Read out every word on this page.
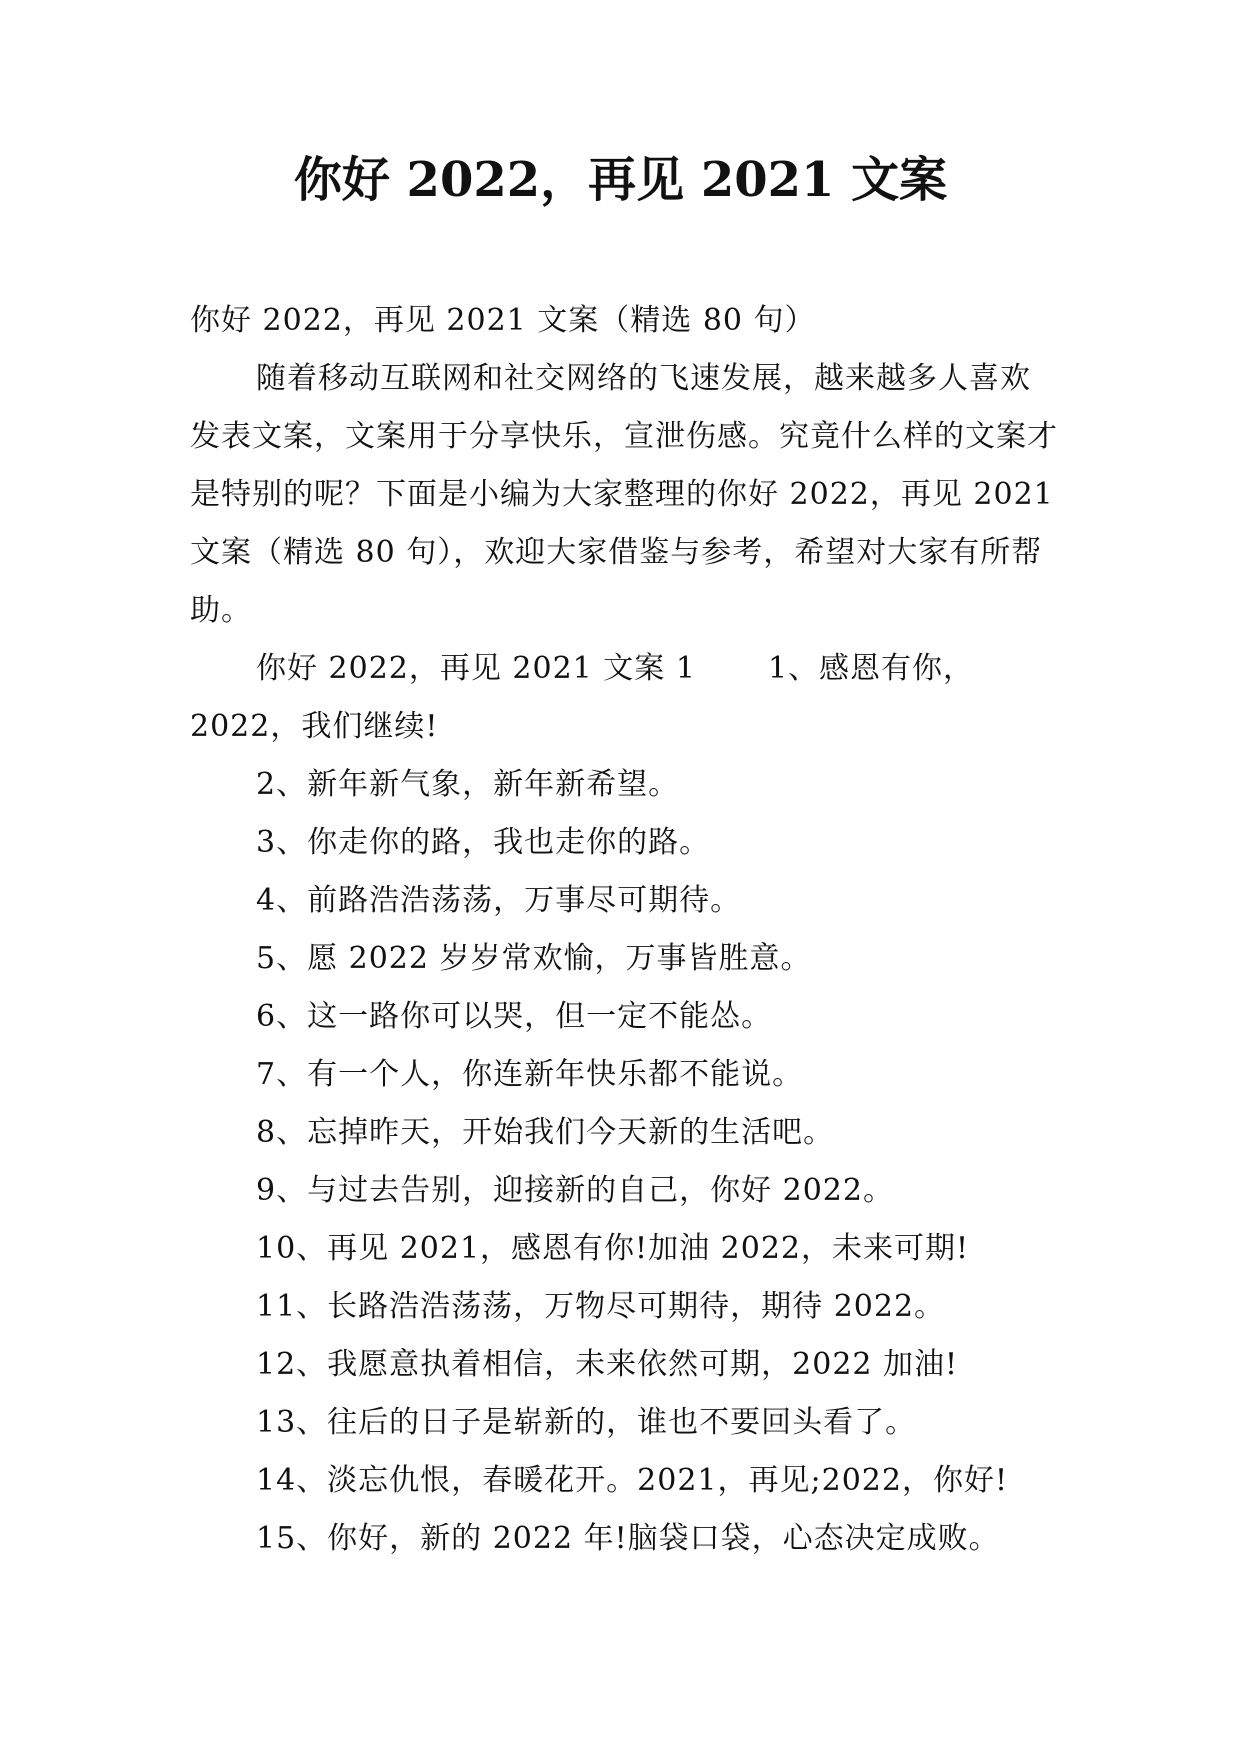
你好 2022，再见 2021 文案

你好 2022，再见 2021 文案（精选 80 句）

随着移动互联网和社交网络的飞速发展，越来越多人喜欢发表文案，文案用于分享快乐，宣泄伤感。究竟什么样的文案才是特别的呢？下面是小编为大家整理的你好 2022，再见 2021 文案（精选 80 句），欢迎大家借鉴与参考，希望对大家有所帮助。

你好 2022，再见 2021 文案 1 1、感恩有你，2022，我们继续!

2、新年新气象，新年新希望。

3、你走你的路，我也走你的路。

4、前路浩浩荡荡，万事尽可期待。

5、愿 2022 岁岁常欢愉，万事皆胜意。

6、这一路你可以哭，但一定不能怂。

7、有一个人，你连新年快乐都不能说。

8、忘掉昨天，开始我们今天新的生活吧。

9、与过去告别，迎接新的自己，你好 2022。

10、再见 2021，感恩有你!加油 2022，未来可期!

11、长路浩浩荡荡，万物尽可期待，期待 2022。

12、我愿意执着相信，未来依然可期，2022 加油!

13、往后的日子是崭新的，谁也不要回头看了。

14、淡忘仇恨，春暖花开。2021，再见;2022，你好!

15、你好，新的 2022 年!脑袋口袋，心态决定成败。
